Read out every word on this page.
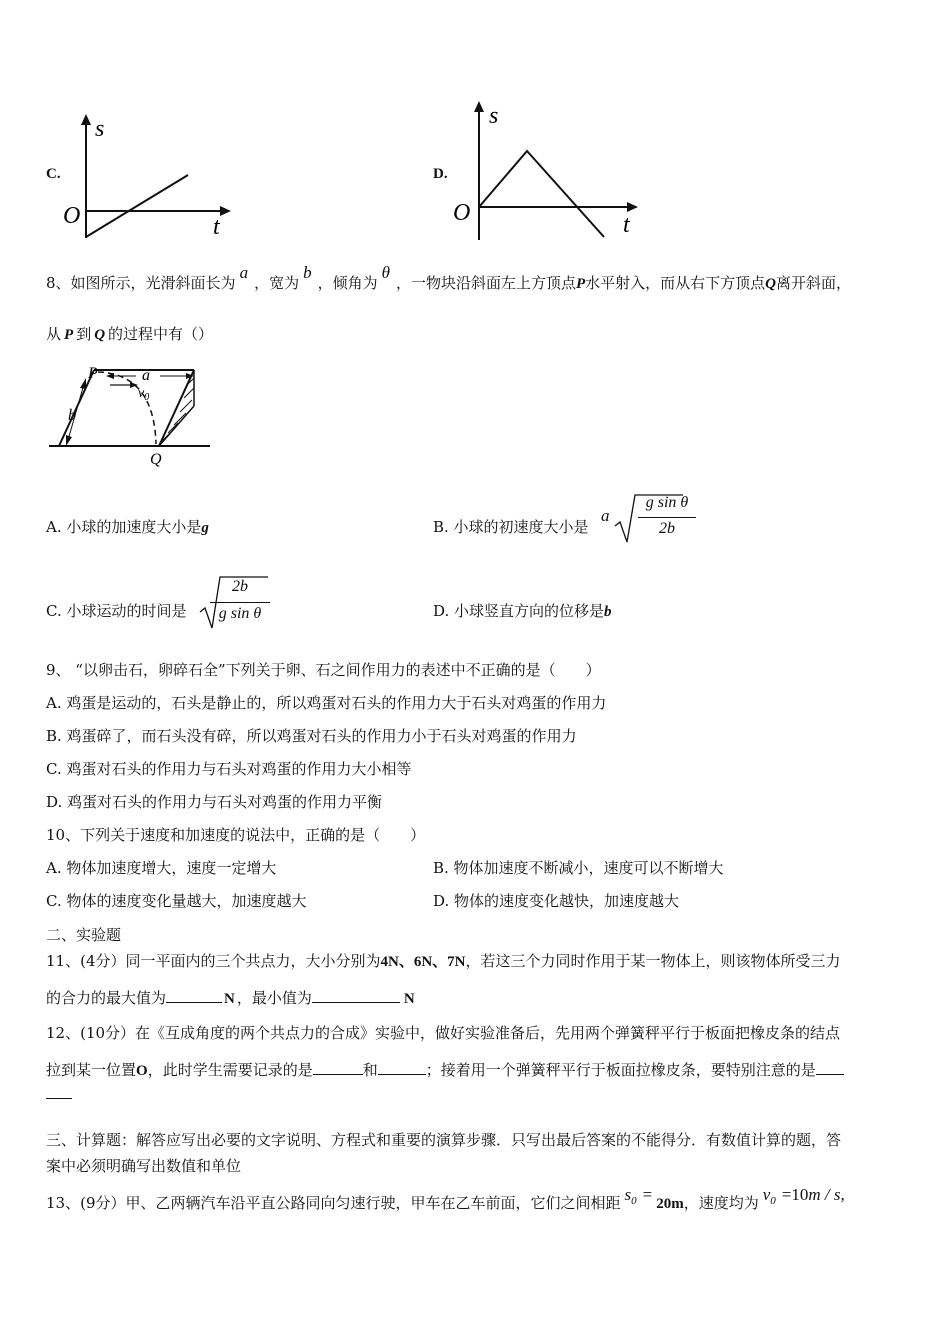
C.
s
O	t
D.
s
O	t
8、如图所示，光滑斜面长为a，宽为b，倾角为θ，一物块沿斜面左上方顶点P水平射入，而从右下方顶点Q离开斜面，
从 P 到 Q 的过程中有（）
P	a
$v_0$
b
Q
A. 小球的加速度大小是g	B. 小球的初速度大小是
a
g sin θ
2b
C. 小球运动的时间是
2b
g sin θ	D. 小球竖直方向的位移是b
9、 “以卵击石，卵碎石全”下列关于卵、石之间作用力的表述中不正确的是（　　）
A. 鸡蛋是运动的，石头是静止的，所以鸡蛋对石头的作用力大于石头对鸡蛋的作用力
B. 鸡蛋碎了，而石头没有碎，所以鸡蛋对石头的作用力小于石头对鸡蛋的作用力
C. 鸡蛋对石头的作用力与石头对鸡蛋的作用力大小相等
D. 鸡蛋对石头的作用力与石头对鸡蛋的作用力平衡
10、下列关于速度和加速度的说法中，正确的是（　　）
A. 物体加速度增大，速度一定增大	B. 物体加速度不断减小，速度可以不断增大
C. 物体的速度变化量越大，加速度越大	D. 物体的速度变化越快，加速度越大
二、实验题
11、(4分）同一平面内的三个共点力，大小分别为4N、6N、7N，若这三个力同时作用于某一物体上，则该物体所受三力
的合力的最大值为	N ，最小值为	N
12、(10分）在《互成角度的两个共点力的合成》实验中，做好实验准备后，先用两个弹簧秤平行于板面把橡皮条的结点
拉到某一位置O，此时学生需要记录的是	和	；接着用一个弹簧秤平行于板面拉橡皮条，要特别注意的是
三、计算题：解答应写出必要的文字说明、方程式和重要的演算步骤．只写出最后答案的不能得分．有数值计算的题，答
案中必须明确写出数值和单位
13、(9分）甲、乙两辆汽车沿平直公路同向匀速行驶，甲车在乙车前面，它们之间相距 $s^0 = 20m$，速度均为 $v^0 =10m / s$,
